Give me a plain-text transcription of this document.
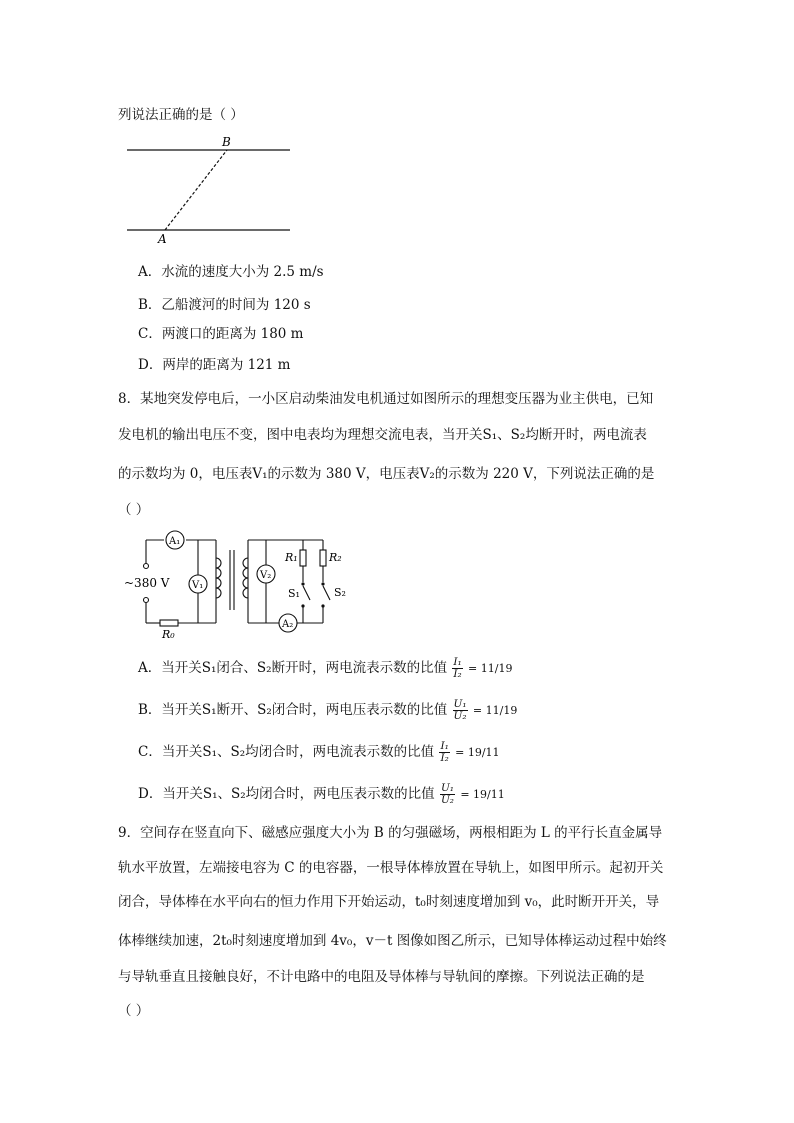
列说法正确的是（ ）
B
A
A．水流的速度大小为 2.5 m/s
B．乙船渡河的时间为 120 s
C．两渡口的距离为 180 m
D．两岸的距离为 121 m
8．某地突发停电后，一小区启动柴油发电机通过如图所示的理想变压器为业主供电，已知
发电机的输出电压不变，图中电表均为理想交流电表，当开关S₁、S₂均断开时，两电流表
的示数均为 0，电压表V₁的示数为 380 V，电压表V₂的示数为 220 V，下列说法正确的是
（ ）
A₁
V₁
V₂
A₂
~380 V
R₀
R₁	R₂
S₁	S₂
A．当开关S₁闭合、S₂断开时，两电流表示数的比值 $\frac{\text{I₁}}{\text{I₂}} = 11/19$
B．当开关S₁断开、S₂闭合时，两电压表示数的比值 $\frac{\text{U₁}}{\text{U₂}} = 11/19$
C．当开关S₁、S₂均闭合时，两电流表示数的比值 $\frac{\text{I₁}}{\text{I₂}} = 19/11$
D．当开关S₁、S₂均闭合时，两电压表示数的比值 $\frac{\text{U₁}}{\text{U₂}} = 19/11$
9．空间存在竖直向下、磁感应强度大小为 B 的匀强磁场，两根相距为 L 的平行长直金属导
轨水平放置，左端接电容为 C 的电容器，一根导体棒放置在导轨上，如图甲所示。起初开关
闭合，导体棒在水平向右的恒力作用下开始运动，t₀时刻速度增加到 v₀，此时断开开关，导
体棒继续加速，2t₀时刻速度增加到 4v₀，v－t 图像如图乙所示，已知导体棒运动过程中始终
与导轨垂直且接触良好，不计电路中的电阻及导体棒与导轨间的摩擦。下列说法正确的是
（ ）
